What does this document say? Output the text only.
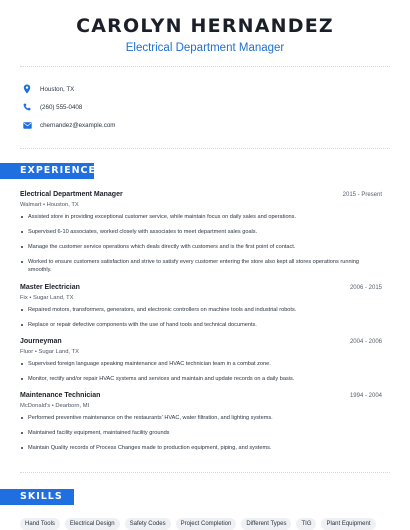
CAROLYN HERNANDEZ
Electrical Department Manager
Houston, TX
(260) 555-0408
chernandez@example.com
EXPERIENCE
Electrical Department Manager	2015 - Present
Walmart • Houston, TX
Assisted store in providing exceptional customer service, while maintain focus on daily sales and operations.
Supervised 6-10 associates, worked closely with associates to meet department sales goals.
Manage the customer service operations which deals directly with customers and is the first point of contact.
Worked to ensure customers satisfaction and strive to satisfy every customer entering the store also kept all stores operations running smoothly.
Master Electrician	2006 - 2015
Fix • Sugar Land, TX
Repaired motors, transformers, generators, and electronic controllers on machine tools and industrial robots.
Replace or repair defective components with the use of hand tools and technical documents.
Journeyman	2004 - 2006
Fluor • Sugar Land, TX
Supervised foreign language speaking maintenance and HVAC technician team in a combat zone.
Monitor, rectify and/or repair HVAC systems and services and maintain and update records on a daily basis.
Maintenance Technician	1994 - 2004
McDonald's • Dearborn, MI
Performed preventive maintenance on the restaurants' HVAC, water filtration, and lighting systems.
Maintained facility equipment, maintained facility grounds
Maintain Quality records of Process Changes made to production equipment, piping, and systems.
SKILLS
Hand Tools	Electrical Design	Safety Codes	Project Completion	Different Types	TIG	Plant Equipment
